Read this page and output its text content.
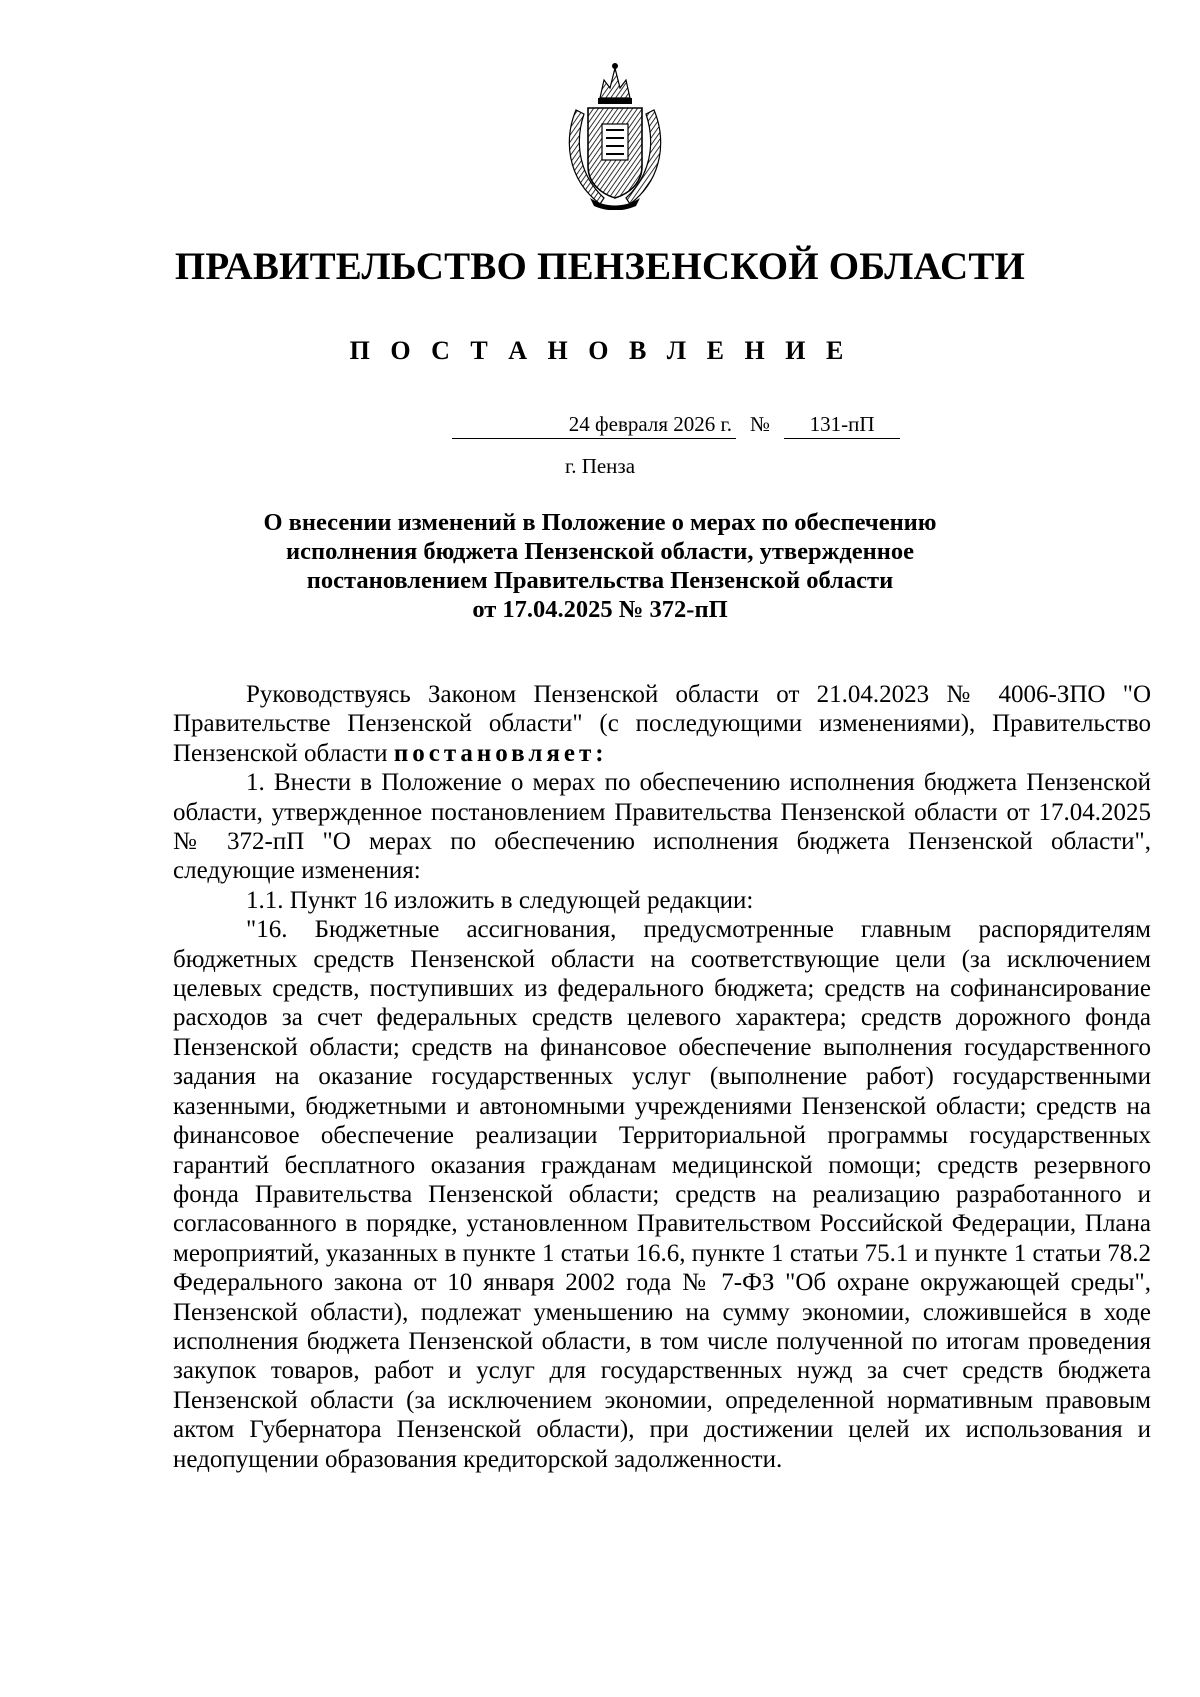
ПРАВИТЕЛЬСТВО ПЕНЗЕНСКОЙ ОБЛАСТИ
П О С Т А Н О В Л Е Н И Е
24 февраля 2026 г. № 131-пП

г. Пенза

О внесении изменений в Положение о мерах по обеспечению
исполнения бюджета Пензенской области, утвержденное
постановлением Правительства Пензенской области
от 17.04.2025 № 372-пП

Руководствуясь Законом Пензенской области от 21.04.2023 № 4006-ЗПО "О Правительстве Пензенской области" (с последующими изменениями), Правительство Пензенской области постановляет:

1. Внести в Положение о мерах по обеспечению исполнения бюджета Пензенской области, утвержденное постановлением Правительства Пензенской области от 17.04.2025 № 372-пП "О мерах по обеспечению исполнения бюджета Пензенской области", следующие изменения:

1.1. Пункт 16 изложить в следующей редакции:

"16. Бюджетные ассигнования, предусмотренные главным распорядителям бюджетных средств Пензенской области на соответствующие цели (за исключением целевых средств, поступивших из федерального бюджета; средств на софинансирование расходов за счет федеральных средств целевого характера; средств дорожного фонда Пензенской области; средств на финансовое обеспечение выполнения государственного задания на оказание государственных услуг (выполнение работ) государственными казенными, бюджетными и автономными учреждениями Пензенской области; средств на финансовое обеспечение реализации Территориальной программы государственных гарантий бесплатного оказания гражданам медицинской помощи; средств резервного фонда Правительства Пензенской области; средств на реализацию разработанного и согласованного в порядке, установленном Правительством Российской Федерации, Плана мероприятий, указанных в пункте 1 статьи 16.6, пункте 1 статьи 75.1 и пункте 1 статьи 78.2 Федерального закона от 10 января 2002 года № 7-ФЗ "Об охране окружающей среды", Пензенской области), подлежат уменьшению на сумму экономии, сложившейся в ходе исполнения бюджета Пензенской области, в том числе полученной по итогам проведения закупок товаров, работ и услуг для государственных нужд за счет средств бюджета Пензенской области (за исключением экономии, определенной нормативным правовым актом Губернатора Пензенской области), при достижении целей их использования и недопущении образования кредиторской задолженности.
